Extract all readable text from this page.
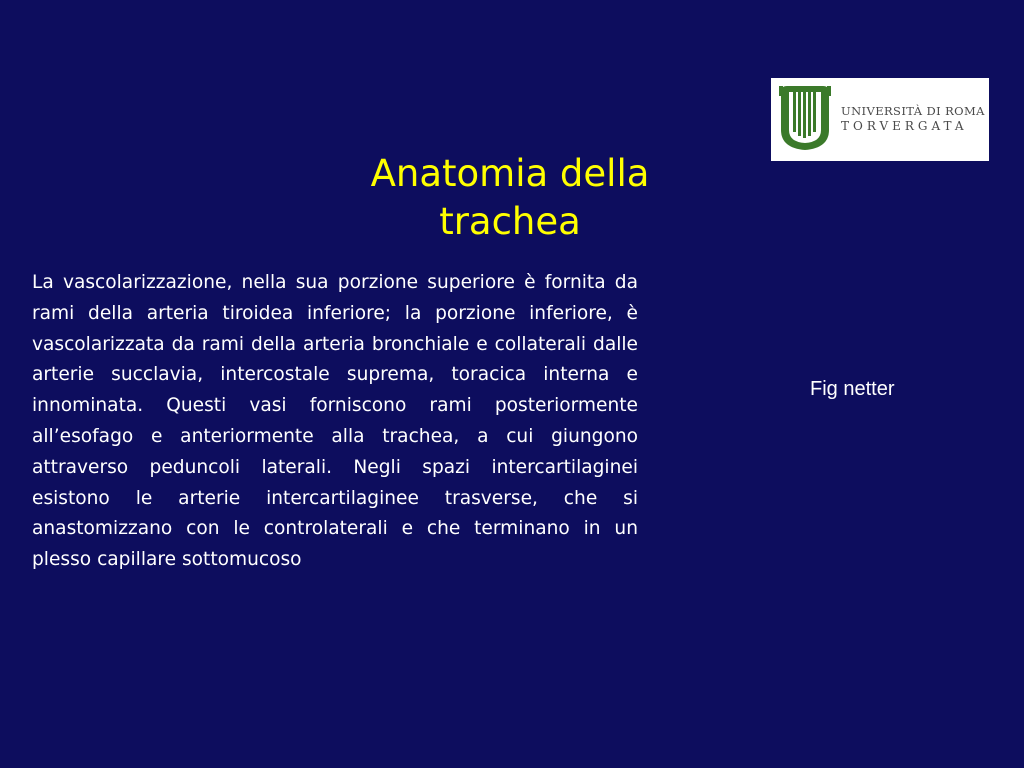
UNIVERSITÀ DI ROMA
TORVERGATA
Anatomia della
trachea

La vascolarizzazione, nella sua porzione superiore è fornita da rami della arteria tiroidea inferiore; la porzione inferiore, è vascolarizzata da rami della arteria bronchiale e collaterali dalle arterie succlavia, intercostale suprema, toracica interna e innominata. Questi vasi forniscono rami posteriormente all’esofago e anteriormente alla trachea, a cui giungono attraverso peduncoli laterali. Negli spazi intercartilaginei esistono le arterie intercartilaginee trasverse, che si anastomizzano con le controlaterali e che terminano in un plesso capillare sottomucoso

Fig netter
